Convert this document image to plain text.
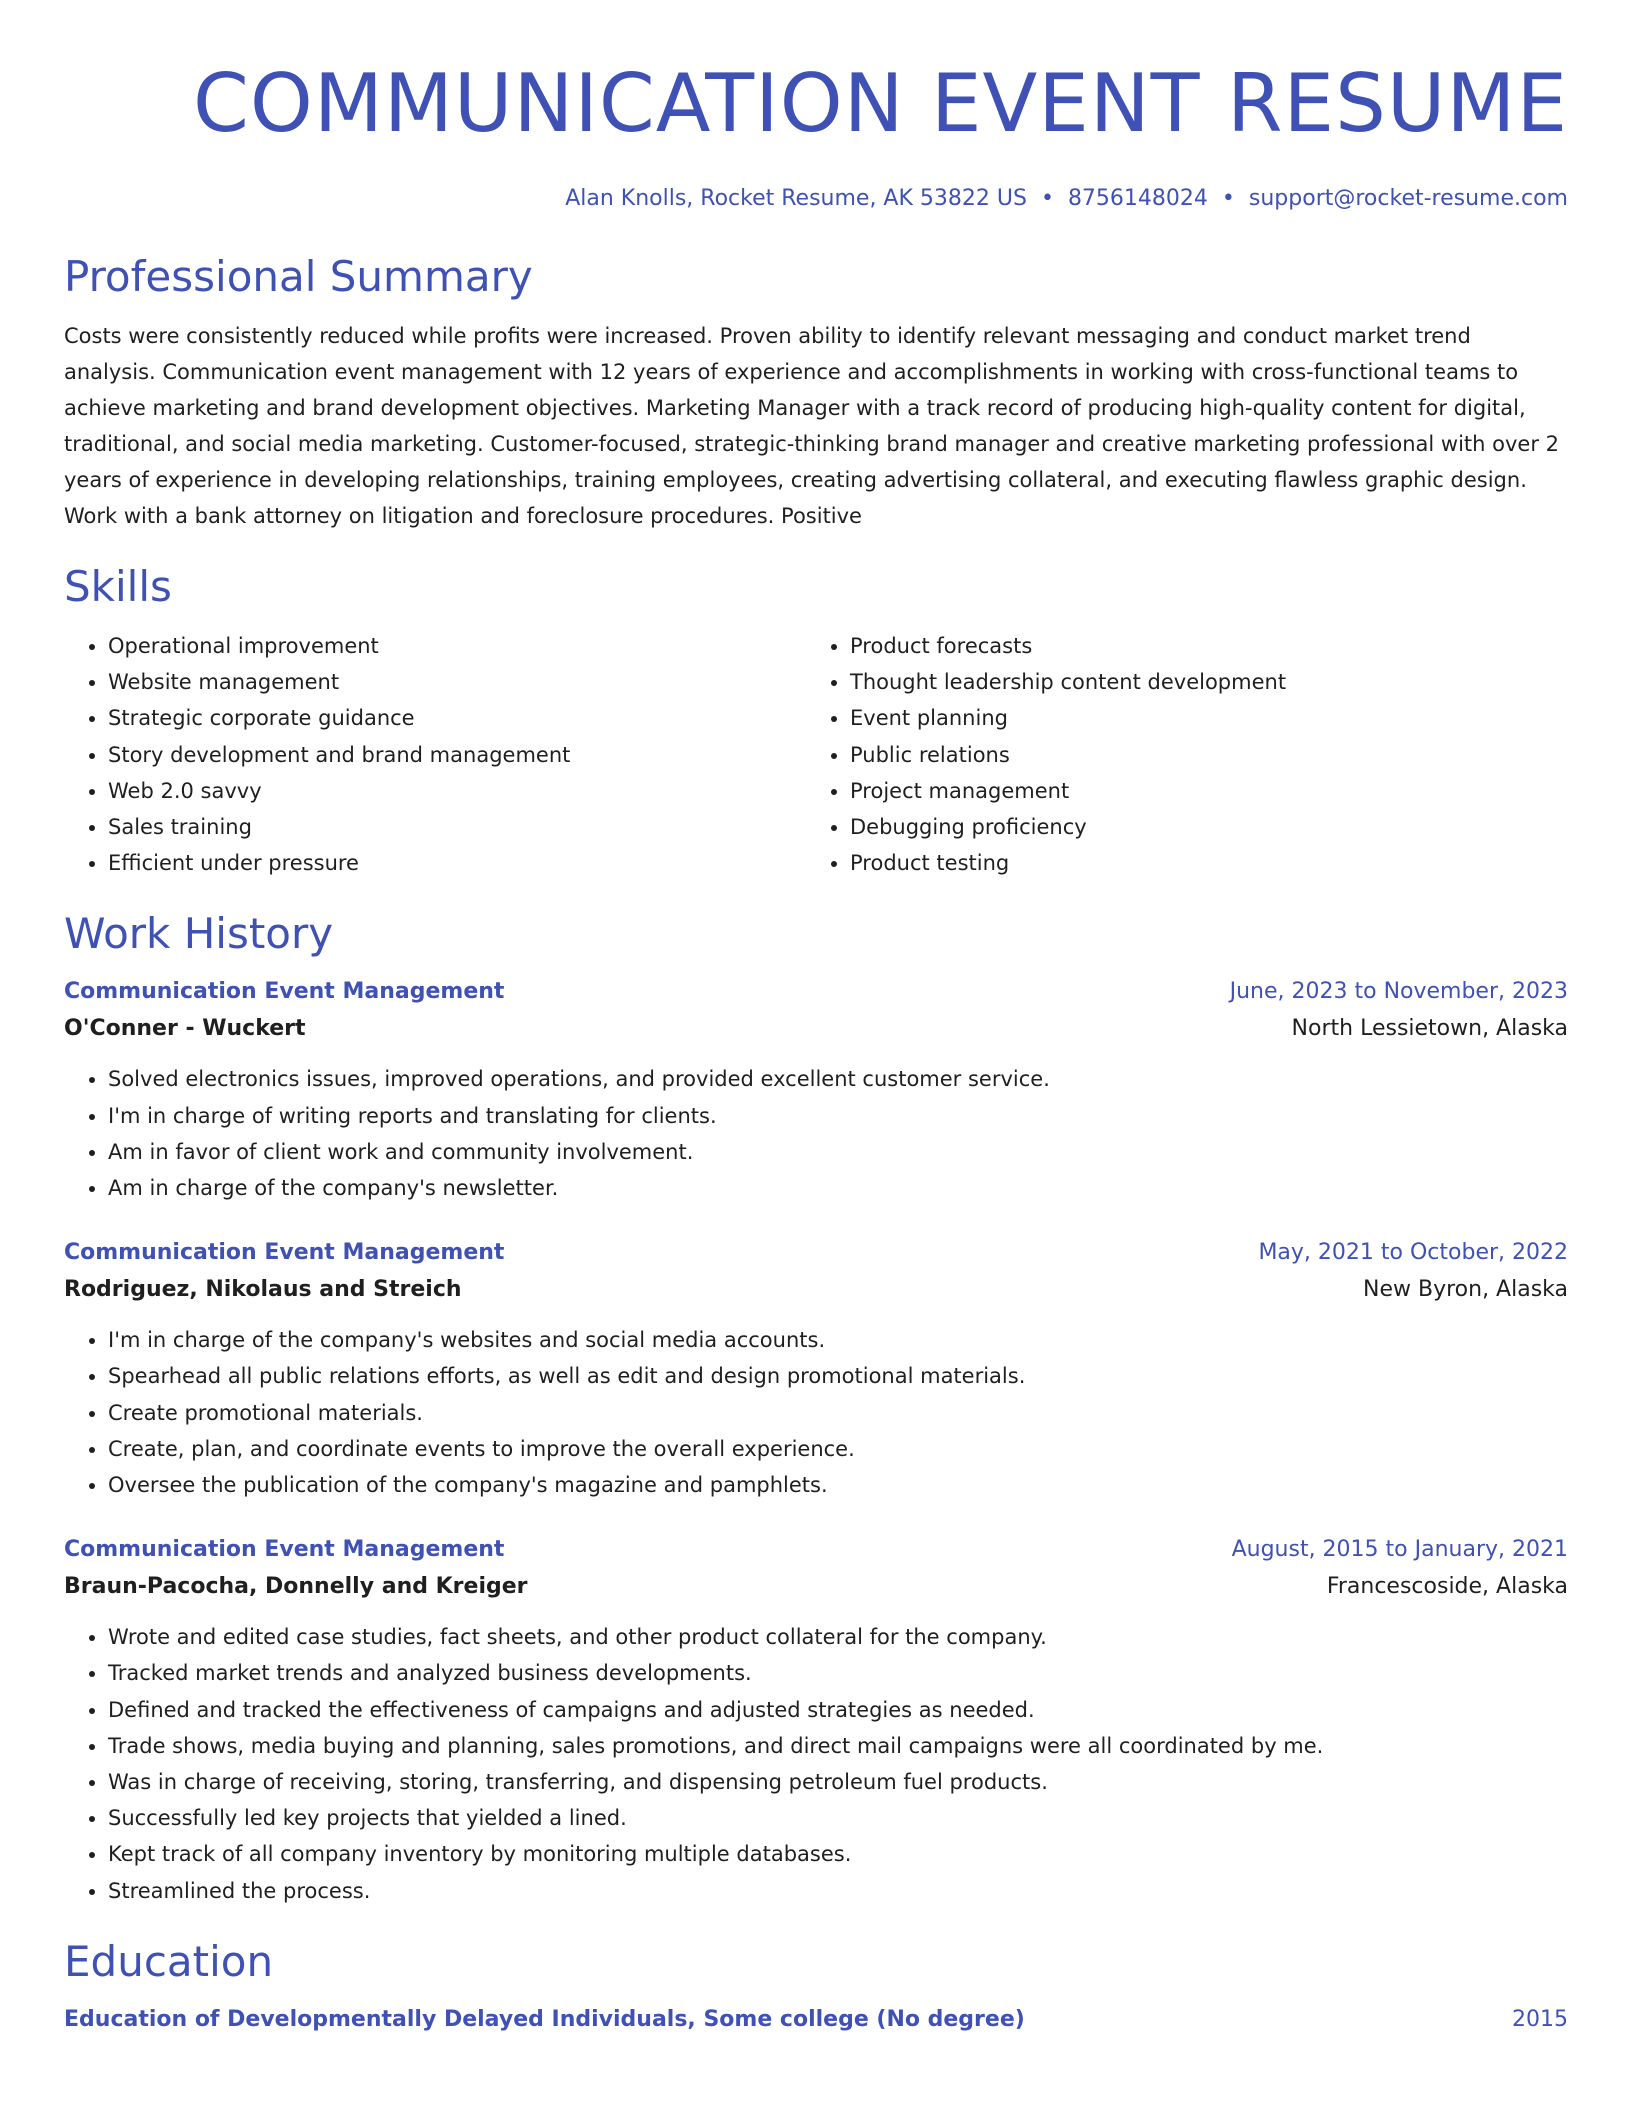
COMMUNICATION EVENT RESUME
Alan Knolls, Rocket Resume, AK 53822 US • 8756148024 • support@rocket-resume.com
Professional Summary
Costs were consistently reduced while profits were increased. Proven ability to identify relevant messaging and conduct market trend analysis. Communication event management with 12 years of experience and accomplishments in working with cross-functional teams to achieve marketing and brand development objectives. Marketing Manager with a track record of producing high-quality content for digital, traditional, and social media marketing. Customer-focused, strategic-thinking brand manager and creative marketing professional with over 2 years of experience in developing relationships, training employees, creating advertising collateral, and executing flawless graphic design. Work with a bank attorney on litigation and foreclosure procedures. Positive
Skills
• Operational improvement
• Website management
• Strategic corporate guidance
• Story development and brand management
• Web 2.0 savvy
• Sales training
• Efficient under pressure
• Product forecasts
• Thought leadership content development
• Event planning
• Public relations
• Project management
• Debugging proficiency
• Product testing
Work History
Communication Event Management	June, 2023 to November, 2023
O'Conner - Wuckert	North Lessietown, Alaska
• Solved electronics issues, improved operations, and provided excellent customer service.
• I'm in charge of writing reports and translating for clients.
• Am in favor of client work and community involvement.
• Am in charge of the company's newsletter.
Communication Event Management	May, 2021 to October, 2022
Rodriguez, Nikolaus and Streich	New Byron, Alaska
• I'm in charge of the company's websites and social media accounts.
• Spearhead all public relations efforts, as well as edit and design promotional materials.
• Create promotional materials.
• Create, plan, and coordinate events to improve the overall experience.
• Oversee the publication of the company's magazine and pamphlets.
Communication Event Management	August, 2015 to January, 2021
Braun-Pacocha, Donnelly and Kreiger	Francescoside, Alaska
• Wrote and edited case studies, fact sheets, and other product collateral for the company.
• Tracked market trends and analyzed business developments.
• Defined and tracked the effectiveness of campaigns and adjusted strategies as needed.
• Trade shows, media buying and planning, sales promotions, and direct mail campaigns were all coordinated by me.
• Was in charge of receiving, storing, transferring, and dispensing petroleum fuel products.
• Successfully led key projects that yielded a lined.
• Kept track of all company inventory by monitoring multiple databases.
• Streamlined the process.
Education
Education of Developmentally Delayed Individuals, Some college (No degree)	2015
